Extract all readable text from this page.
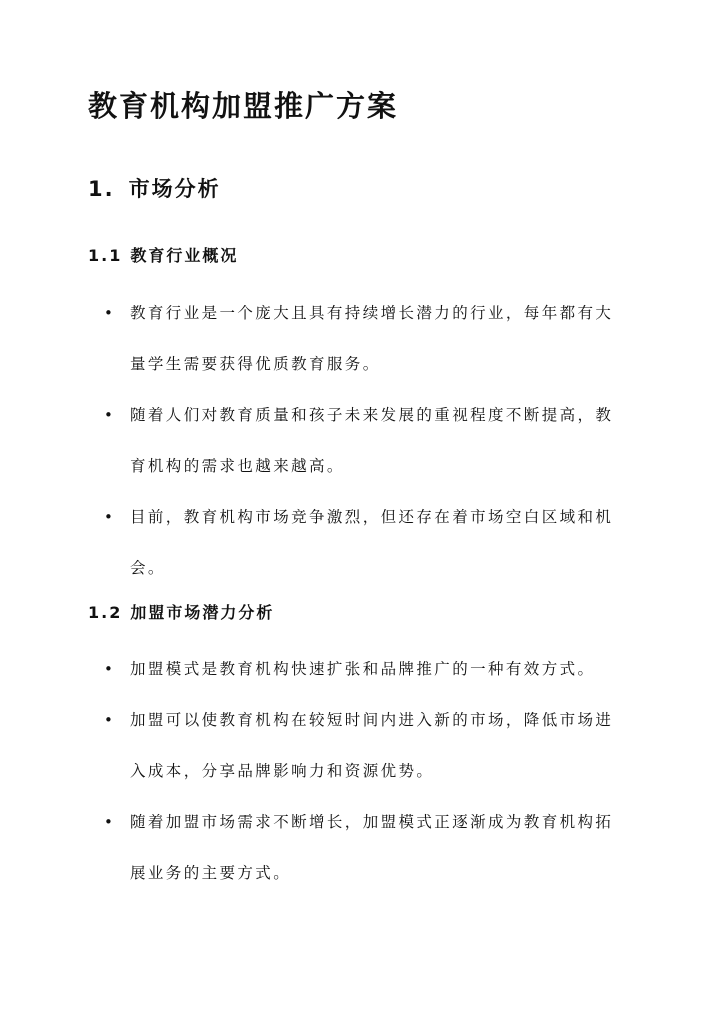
教育机构加盟推广方案
1. 市场分析
1.1 教育行业概况
• 教育行业是一个庞大且具有持续增长潜力的行业，每年都有大量学生需要获得优质教育服务。
• 随着人们对教育质量和孩子未来发展的重视程度不断提高，教育机构的需求也越来越高。
• 目前，教育机构市场竞争激烈，但还存在着市场空白区域和机会。
1.2 加盟市场潜力分析
• 加盟模式是教育机构快速扩张和品牌推广的一种有效方式。
• 加盟可以使教育机构在较短时间内进入新的市场，降低市场进入成本，分享品牌影响力和资源优势。
• 随着加盟市场需求不断增长，加盟模式正逐渐成为教育机构拓展业务的主要方式。
